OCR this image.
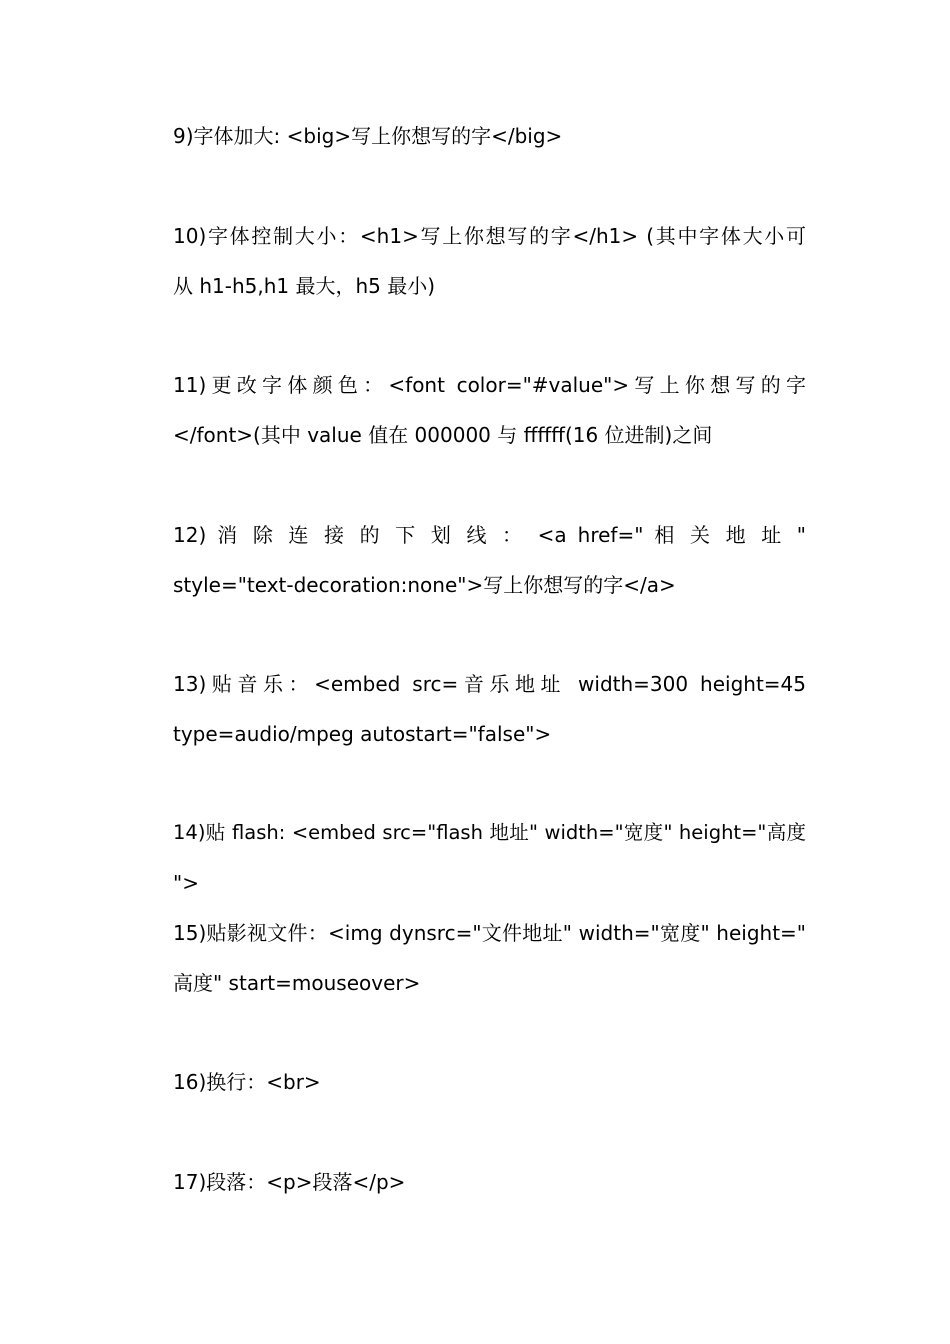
9)字体加大: <big>写上你想写的字</big>

10)字体控制大小：<h1>写上你想写的字</h1> (其中字体大小可

从 h1-h5,h1 最大，h5 最小)

11)更改字体颜色：<font color="#value">写上你想写的字

</font>(其中 value 值在 000000 与 ffffff(16 位进制)之间

12) 消 除 连 接 的 下 划 线 ： <a href=" 相 关 地 址 "

style="text-decoration:none">写上你想写的字</a>

13)贴音乐：<embed src=音乐地址 width=300 height=45

type=audio/mpeg autostart="false">

14)贴 flash: <embed src="flash 地址" width="宽度" height="高度

">

15)贴影视文件：<img dynsrc="文件地址" width="宽度" height="

高度" start=mouseover>

16)换行：<br>

17)段落：<p>段落</p>
